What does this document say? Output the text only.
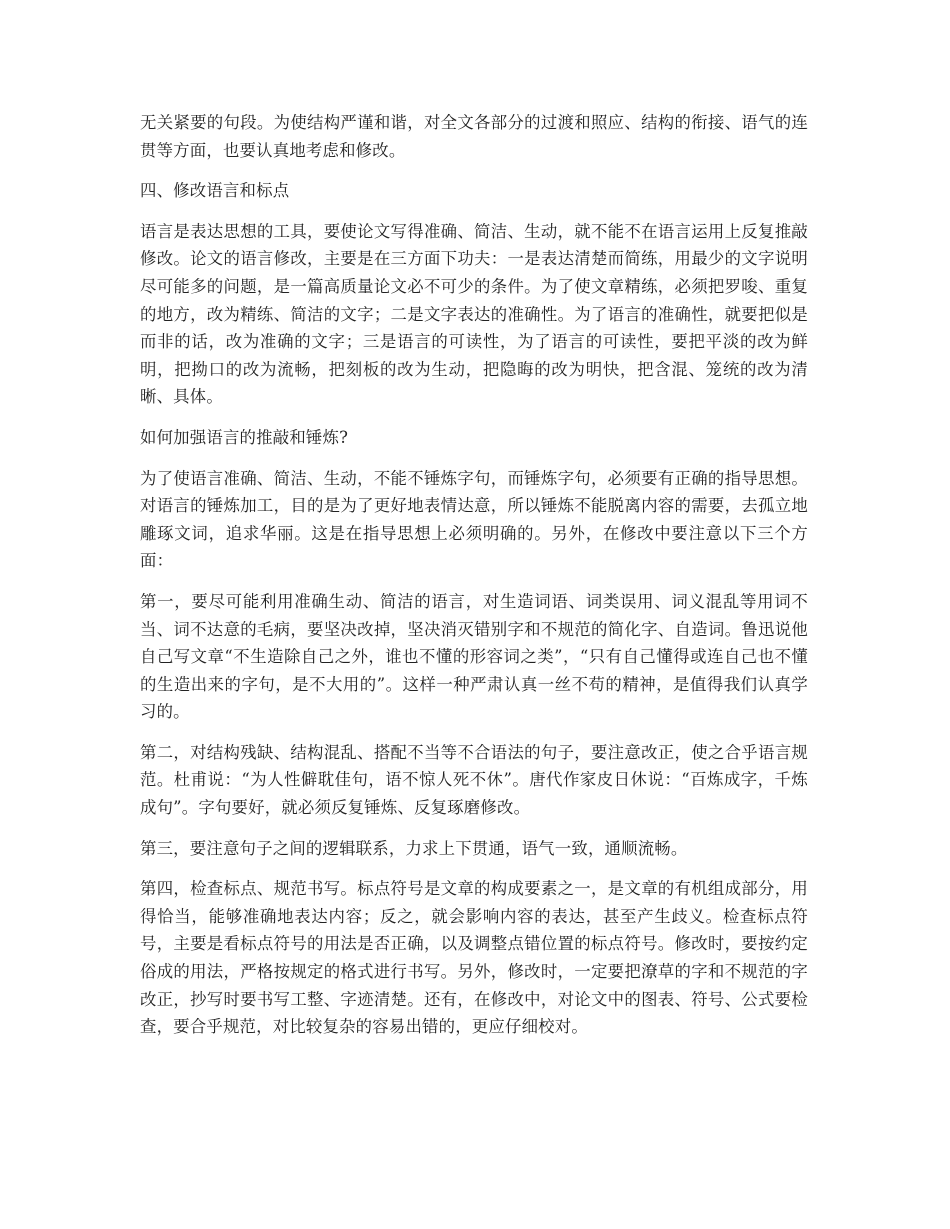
无关紧要的句段。为使结构严谨和谐，对全文各部分的过渡和照应、结构的衔接、语气的连贯等方面，也要认真地考虑和修改。

四、修改语言和标点

语言是表达思想的工具，要使论文写得准确、简洁、生动，就不能不在语言运用上反复推敲修改。论文的语言修改，主要是在三方面下功夫：一是表达清楚而简练，用最少的文字说明尽可能多的问题，是一篇高质量论文必不可少的条件。为了使文章精练，必须把罗唆、重复的地方，改为精练、简洁的文字；二是文字表达的准确性。为了语言的准确性，就要把似是而非的话，改为准确的文字；三是语言的可读性，为了语言的可读性，要把平淡的改为鲜明，把拗口的改为流畅，把刻板的改为生动，把隐晦的改为明快，把含混、笼统的改为清晰、具体。

如何加强语言的推敲和锤炼?

为了使语言准确、简洁、生动，不能不锤炼字句，而锤炼字句，必须要有正确的指导思想。对语言的锤炼加工，目的是为了更好地表情达意，所以锤炼不能脱离内容的需要，去孤立地雕琢文词，追求华丽。这是在指导思想上必须明确的。另外，在修改中要注意以下三个方面：

第一，要尽可能利用准确生动、简洁的语言，对生造词语、词类误用、词义混乱等用词不当、词不达意的毛病，要坚决改掉，坚决消灭错别字和不规范的简化字、自造词。鲁迅说他自己写文章“不生造除自己之外，谁也不懂的形容词之类”，“只有自己懂得或连自己也不懂的生造出来的字句，是不大用的”。这样一种严肃认真一丝不苟的精神，是值得我们认真学习的。

第二，对结构残缺、结构混乱、搭配不当等不合语法的句子，要注意改正，使之合乎语言规范。杜甫说：“为人性僻耽佳句，语不惊人死不休”。唐代作家皮日休说：“百炼成字，千炼成句”。字句要好，就必须反复锤炼、反复琢磨修改。

第三，要注意句子之间的逻辑联系，力求上下贯通，语气一致，通顺流畅。

第四，检查标点、规范书写。标点符号是文章的构成要素之一，是文章的有机组成部分，用得恰当，能够准确地表达内容；反之，就会影响内容的表达，甚至产生歧义。检查标点符号，主要是看标点符号的用法是否正确，以及调整点错位置的标点符号。修改时，要按约定俗成的用法，严格按规定的格式进行书写。另外，修改时，一定要把潦草的字和不规范的字改正，抄写时要书写工整、字迹清楚。还有，在修改中，对论文中的图表、符号、公式要检查，要合乎规范，对比较复杂的容易出错的，更应仔细校对。
